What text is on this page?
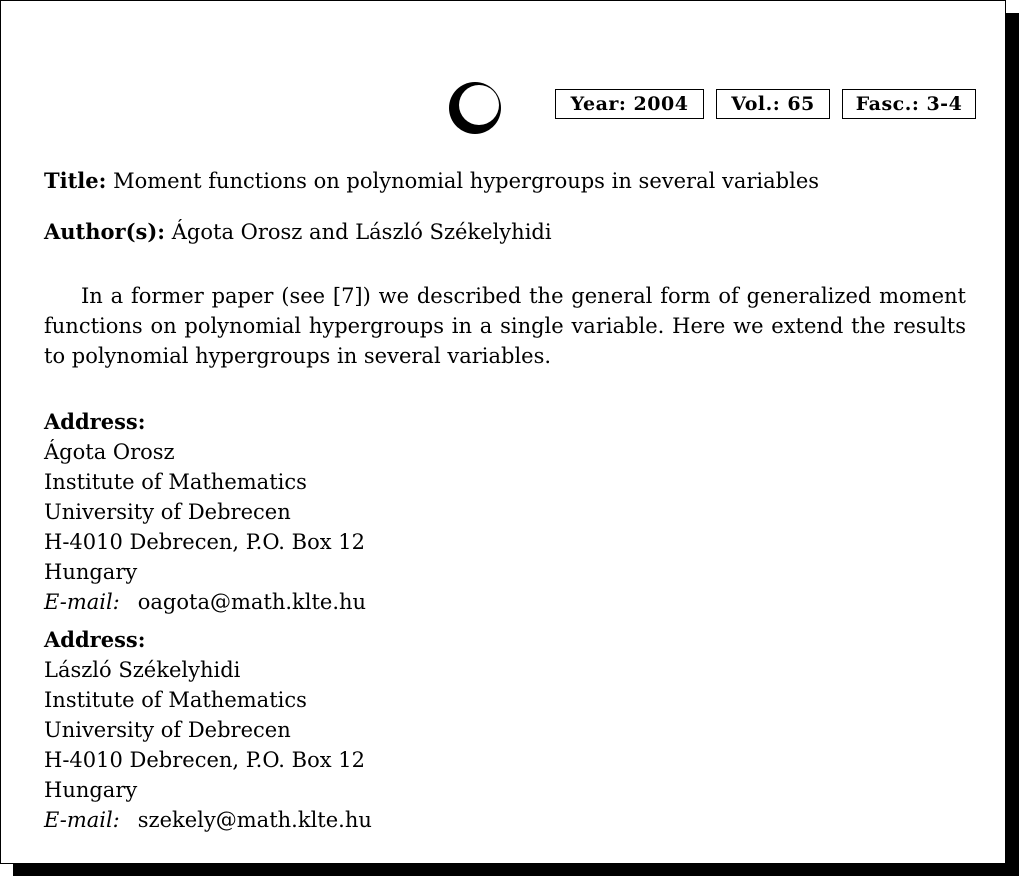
Year: 2004	Vol.: 65	Fasc.: 3-4
Title: Moment functions on polynomial hypergroups in several variables
Author(s): Ágota Orosz and László Székelyhidi
In a former paper (see [7]) we described the general form of generalized moment functions on polynomial hypergroups in a single variable. Here we extend the results to polynomial hypergroups in several variables.
Address:
Ágota Orosz
Institute of Mathematics
University of Debrecen
H-4010 Debrecen, P.O. Box 12
Hungary
E-mail: oagota@math.klte.hu
Address:
László Székelyhidi
Institute of Mathematics
University of Debrecen
H-4010 Debrecen, P.O. Box 12
Hungary
E-mail: szekely@math.klte.hu
